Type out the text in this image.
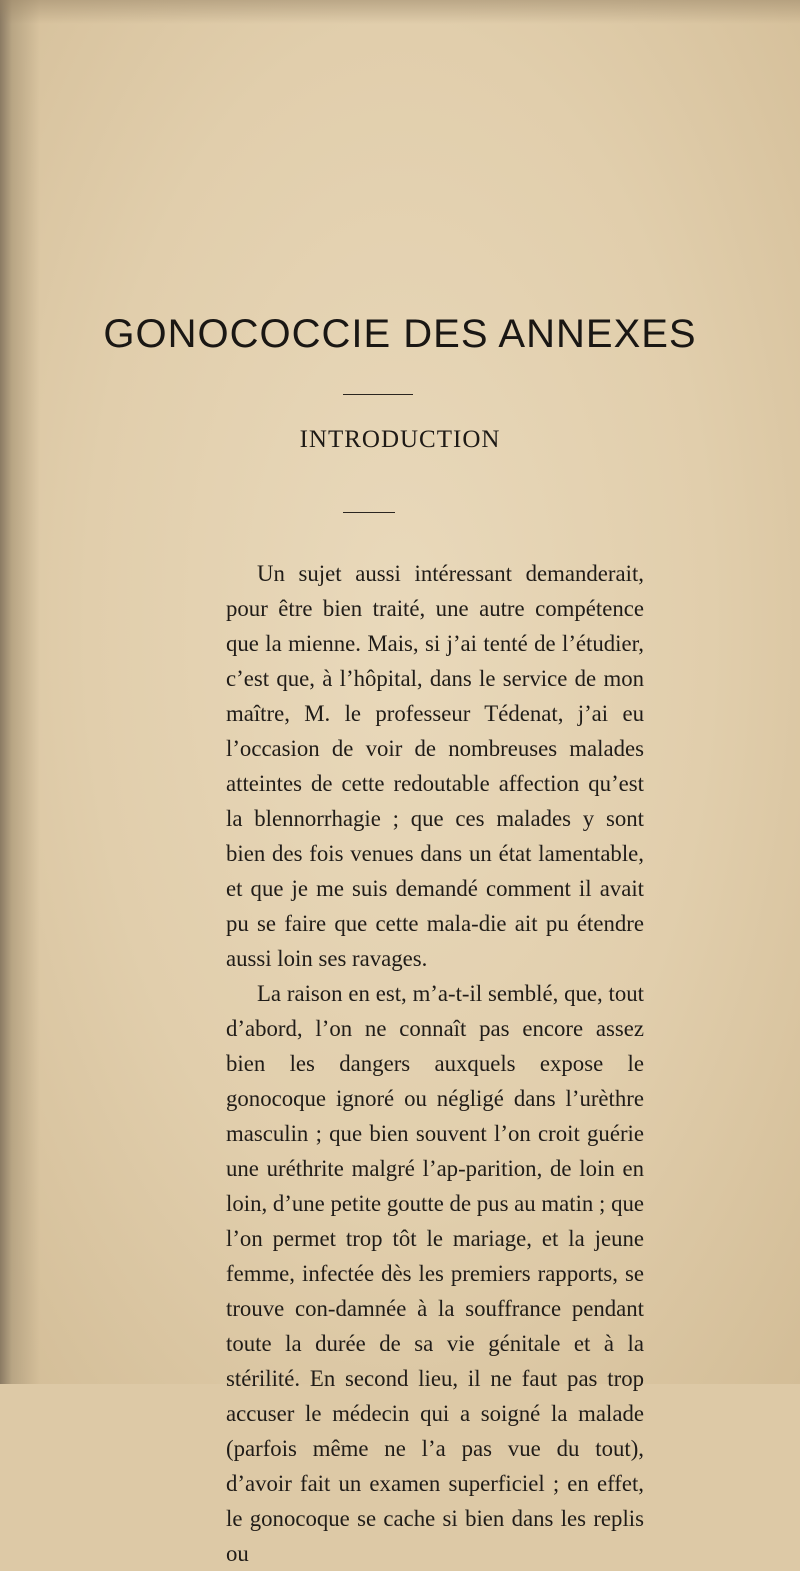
GONOCOCCIE DES ANNEXES
INTRODUCTION

Un sujet aussi intéressant demanderait, pour être bien traité, une autre compétence que la mienne. Mais, si j’ai tenté de l’étudier, c’est que, à l’hôpital, dans le service de mon maître, M. le professeur Tédenat, j’ai eu l’occasion de voir de nombreuses malades atteintes de cette redoutable affection qu’est la blennorrhagie ; que ces malades y sont bien des fois venues dans un état lamentable, et que je me suis demandé comment il avait pu se faire que cette mala-die ait pu étendre aussi loin ses ravages.

La raison en est, m’a-t-il semblé, que, tout d’abord, l’on ne connaît pas encore assez bien les dangers auxquels expose le gonocoque ignoré ou négligé dans l’urèthre masculin ; que bien souvent l’on croit guérie une uréthrite malgré l’ap-parition, de loin en loin, d’une petite goutte de pus au matin ; que l’on permet trop tôt le mariage, et la jeune femme, infectée dès les premiers rapports, se trouve con-damnée à la souffrance pendant toute la durée de sa vie génitale et à la stérilité. En second lieu, il ne faut pas trop accuser le médecin qui a soigné la malade (parfois même ne l’a pas vue du tout), d’avoir fait un examen superficiel ; en effet, le gonocoque se cache si bien dans les replis ou
